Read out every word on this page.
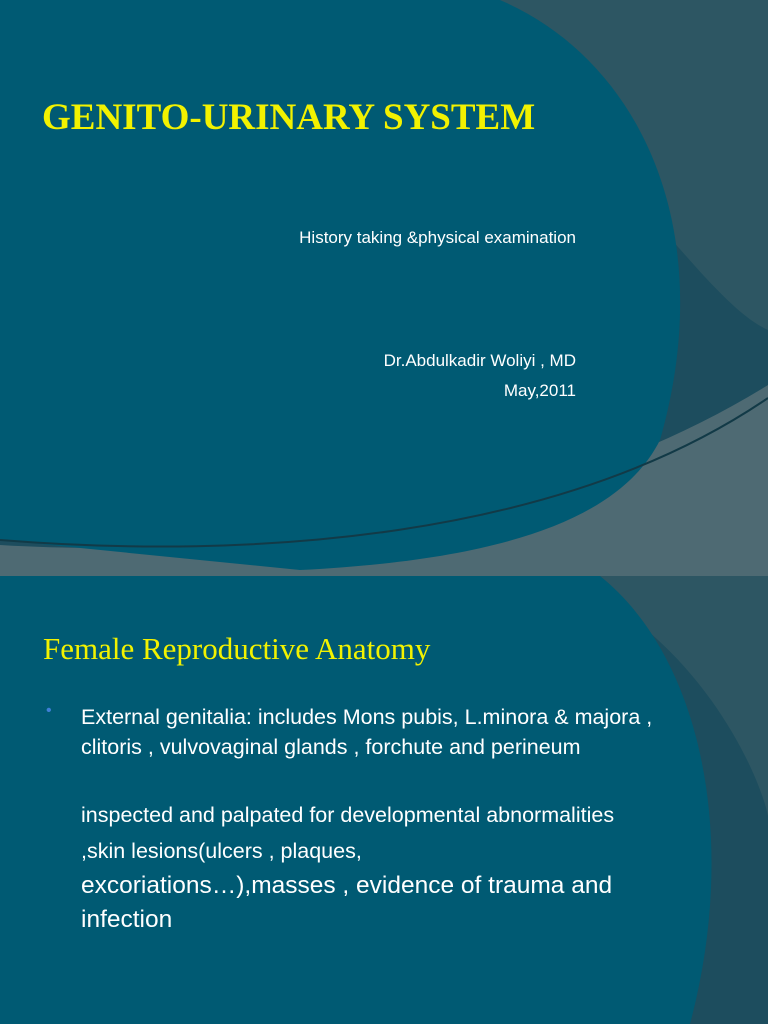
GENITO-URINARY SYSTEM
History taking &physical examination
Dr.Abdulkadir Woliyi , MD
May,2011
Female Reproductive Anatomy
• External genitalia: includes Mons pubis, L.minora & majora , clitoris , vulvovaginal glands , forchute and perineum

inspected and palpated for developmental abnormalities ,skin lesions(ulcers , plaques,

excoriations…),masses , evidence of trauma and infection
